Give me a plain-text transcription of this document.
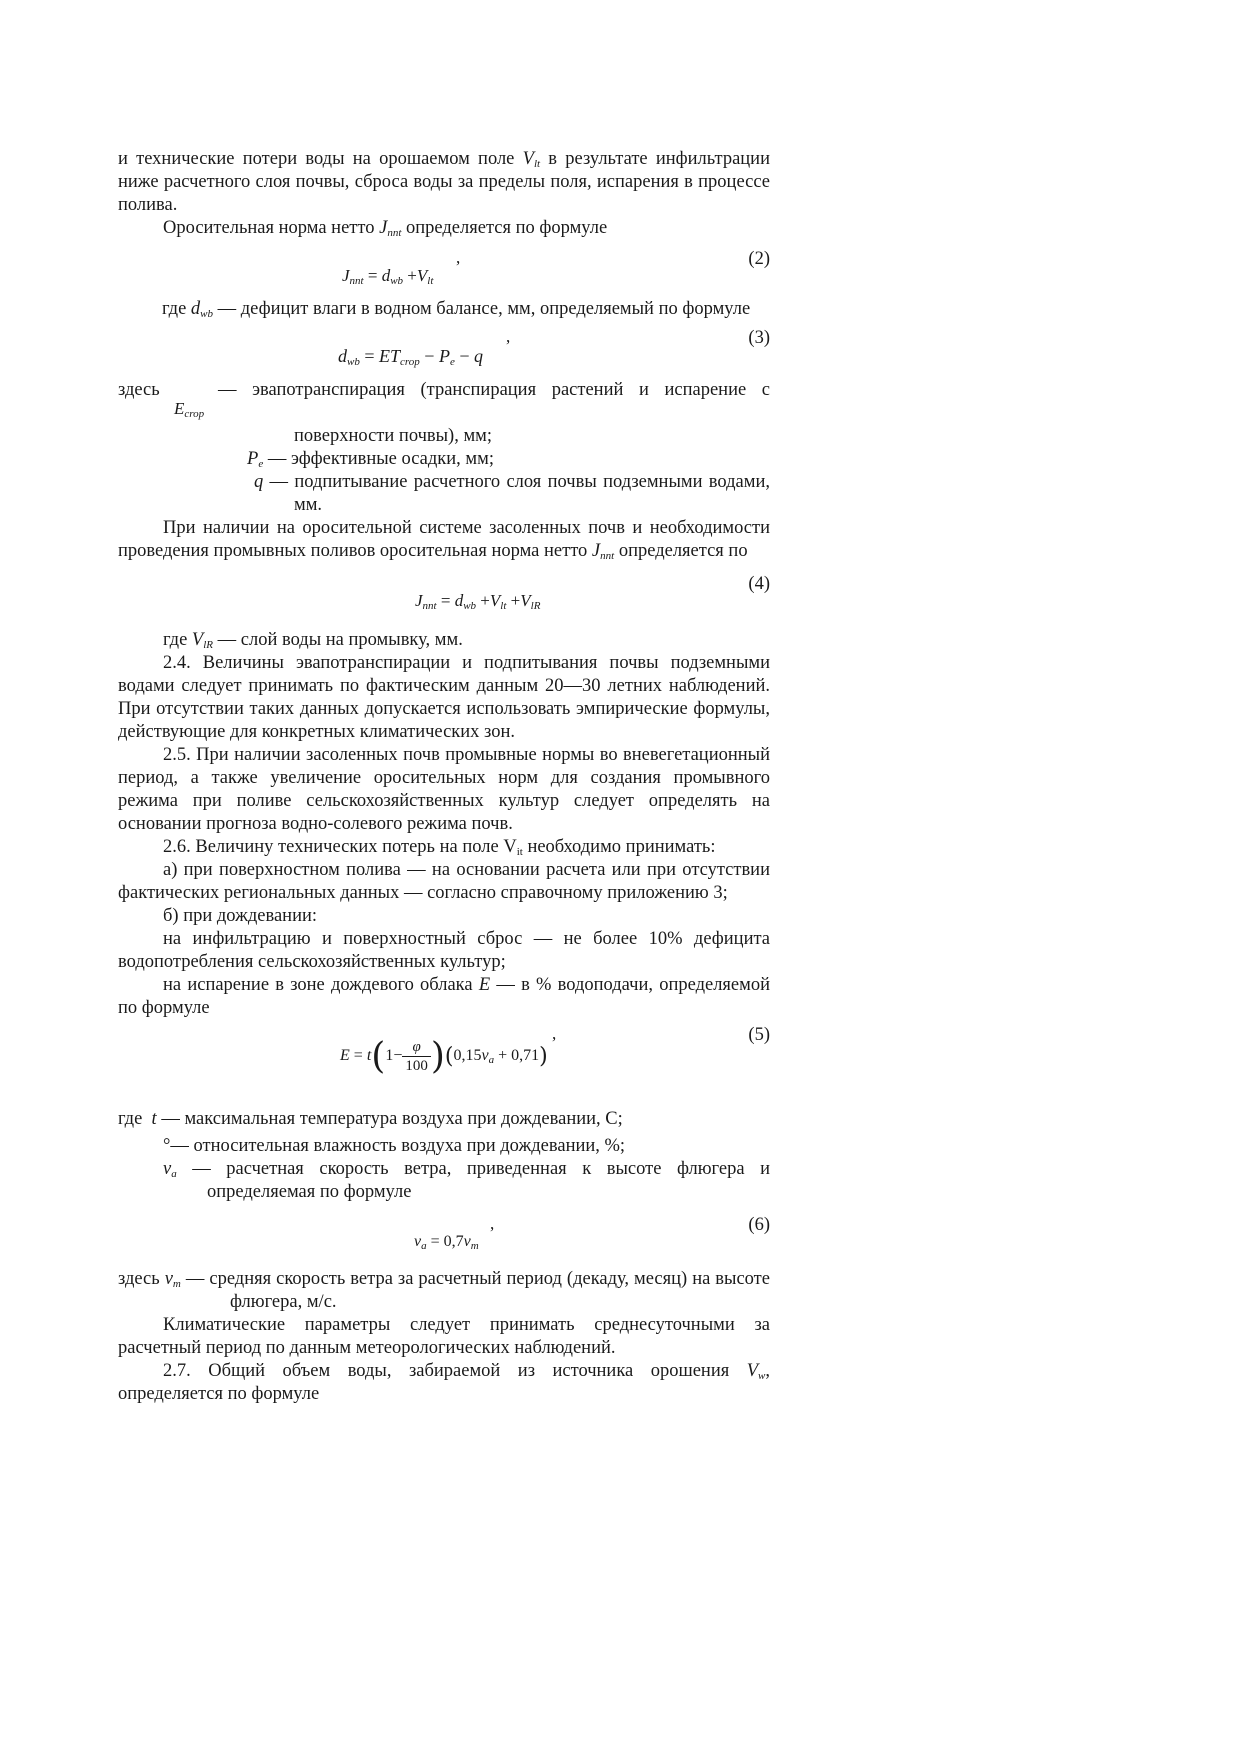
и технические потери воды на орошаемом поле $V_{lt}$ в результате инфильтрации ниже расчетного слоя почвы, сброса воды за пределы поля, испарения в процессе полива.

Оросительная норма нетто $J_{nnt}$ определяется по формуле

$J_{nnt} = d_{wb} +V_{lt}$
,	(2)

где $d_{wb}$ — дефицит влаги в водном балансе, мм, определяемый по формуле

$d_{wb} = ET_{crop} - P_e - q$
,	(3)
здесь
$E_{crop}$
— эвапотранспирация (транспирация растений и испарение с

поверхности почвы), мм;

$P_e$ — эффективные осадки, мм;

q — подпитывание расчетного слоя почвы подземными водами, мм.

При наличии на оросительной системе засоленных почв и необходимости проведения промывных поливов оросительная норма нетто $J_{nnt}$ определяется по

$J_{nnt} = d_{wb} +V_{lt} +V_{lR}$
(4)

где $V_{lR}$ — слой воды на промывку, мм.

2.4. Величины эвапотранспирации и подпитывания почвы подземными водами следует принимать по фактическим данным 20—30 летних наблюдений. При отсутствии таких данных допускается использовать эмпирические формулы, действующие для конкретных климатических зон.

2.5. При наличии засоленных почв промывные нормы во вневегетационный период, а также увеличение оросительных норм для создания промывного режима при поливе сельскохозяйственных культур следует определять на основании прогноза водно-солевого режима почв.

2.6. Величину технических потерь на поле $V_{it}$ необходимо принимать:

а) при поверхностном полива — на основании расчета или при отсутствии фактических региональных данных — согласно справочному приложению 3;

б) при дождевании:

на инфильтрацию и поверхностный сброс — не более 10% дефицита водопотребления сельскохозяйственных культур;

на испарение в зоне дождевого облака E — в % водоподачи, определяемой по формуле

$E = t(1- \frac{\varphi}{100} )(0,15v_a + 0,71)$
,	(5)

где  t — максимальная температура воздуха при дождевании, С;

°— относительная влажность воздуха при дождевании, %;

$v_a$ — расчетная скорость ветра, приведенная к высоте флюгера и определяемая по формуле

$v_a = 0,7v_m$
,	(6)

здесь $v_m$ — средняя скорость ветра за расчетный период (декаду, месяц) на высоте флюгера, м/с.

Климатические параметры следует принимать среднесуточными за расчетный период по данным метеорологических наблюдений.

2.7. Общий объем воды, забираемой из источника орошения $V_w$, определяется по формуле
